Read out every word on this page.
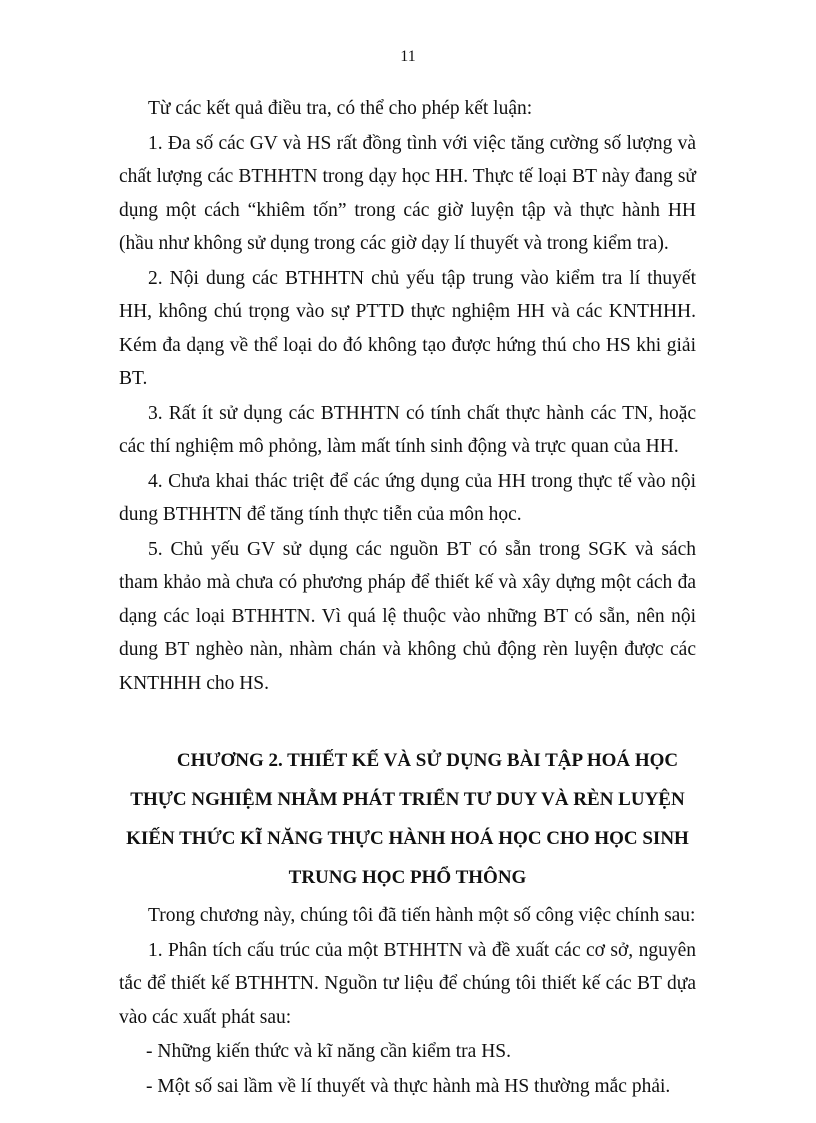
11

Từ các kết quả điều tra, có thể cho phép kết luận:

1. Đa số các GV và HS rất đồng tình với việc tăng cường số lượng và chất lượng các BTHHTN trong dạy học HH. Thực tế loại BT này đang sử dụng một cách “khiêm tốn” trong các giờ luyện tập và thực hành HH (hầu như không sử dụng trong các giờ dạy lí thuyết và trong kiểm tra).

2. Nội dung các BTHHTN chủ yếu tập trung vào kiểm tra lí thuyết HH, không chú trọng vào sự PTTD thực nghiệm HH và các KNTHHH. Kém đa dạng về thể loại do đó không tạo được hứng thú cho HS khi giải BT.

3. Rất ít sử dụng các BTHHTN có tính chất thực hành các TN, hoặc các thí nghiệm mô phỏng, làm mất tính sinh động và trực quan của HH.

4. Chưa khai thác triệt để các ứng dụng của HH trong thực tế vào nội dung BTHHTN để tăng tính thực tiễn của môn học.

5. Chủ yếu GV sử dụng các nguồn BT có sẵn trong SGK và sách tham khảo mà chưa có phương pháp để thiết kế và xây dựng một cách đa dạng các loại BTHHTN. Vì quá lệ thuộc vào những BT có sẵn, nên nội dung BT nghèo nàn, nhàm chán và không chủ động rèn luyện được các KNTHHH cho HS.

CHƯƠNG 2. THIẾT KẾ VÀ SỬ DỤNG BÀI TẬP HOÁ HỌC
THỰC NGHIỆM NHẰM PHÁT TRIỂN TƯ DUY VÀ RÈN LUYỆN KIẾN THỨC KĨ NĂNG THỰC HÀNH HOÁ HỌC CHO HỌC SINH TRUNG HỌC PHỔ THÔNG

Trong chương này, chúng tôi đã tiến hành một số công việc chính sau:

1. Phân tích cấu trúc của một BTHHTN và đề xuất các cơ sở, nguyên tắc để thiết kế BTHHTN. Nguồn tư liệu để chúng tôi thiết kế các BT dựa vào các xuất phát sau:

- Những kiến thức và kĩ năng cần kiểm tra HS.

- Một số sai lầm về lí thuyết và thực hành mà HS thường mắc phải.
